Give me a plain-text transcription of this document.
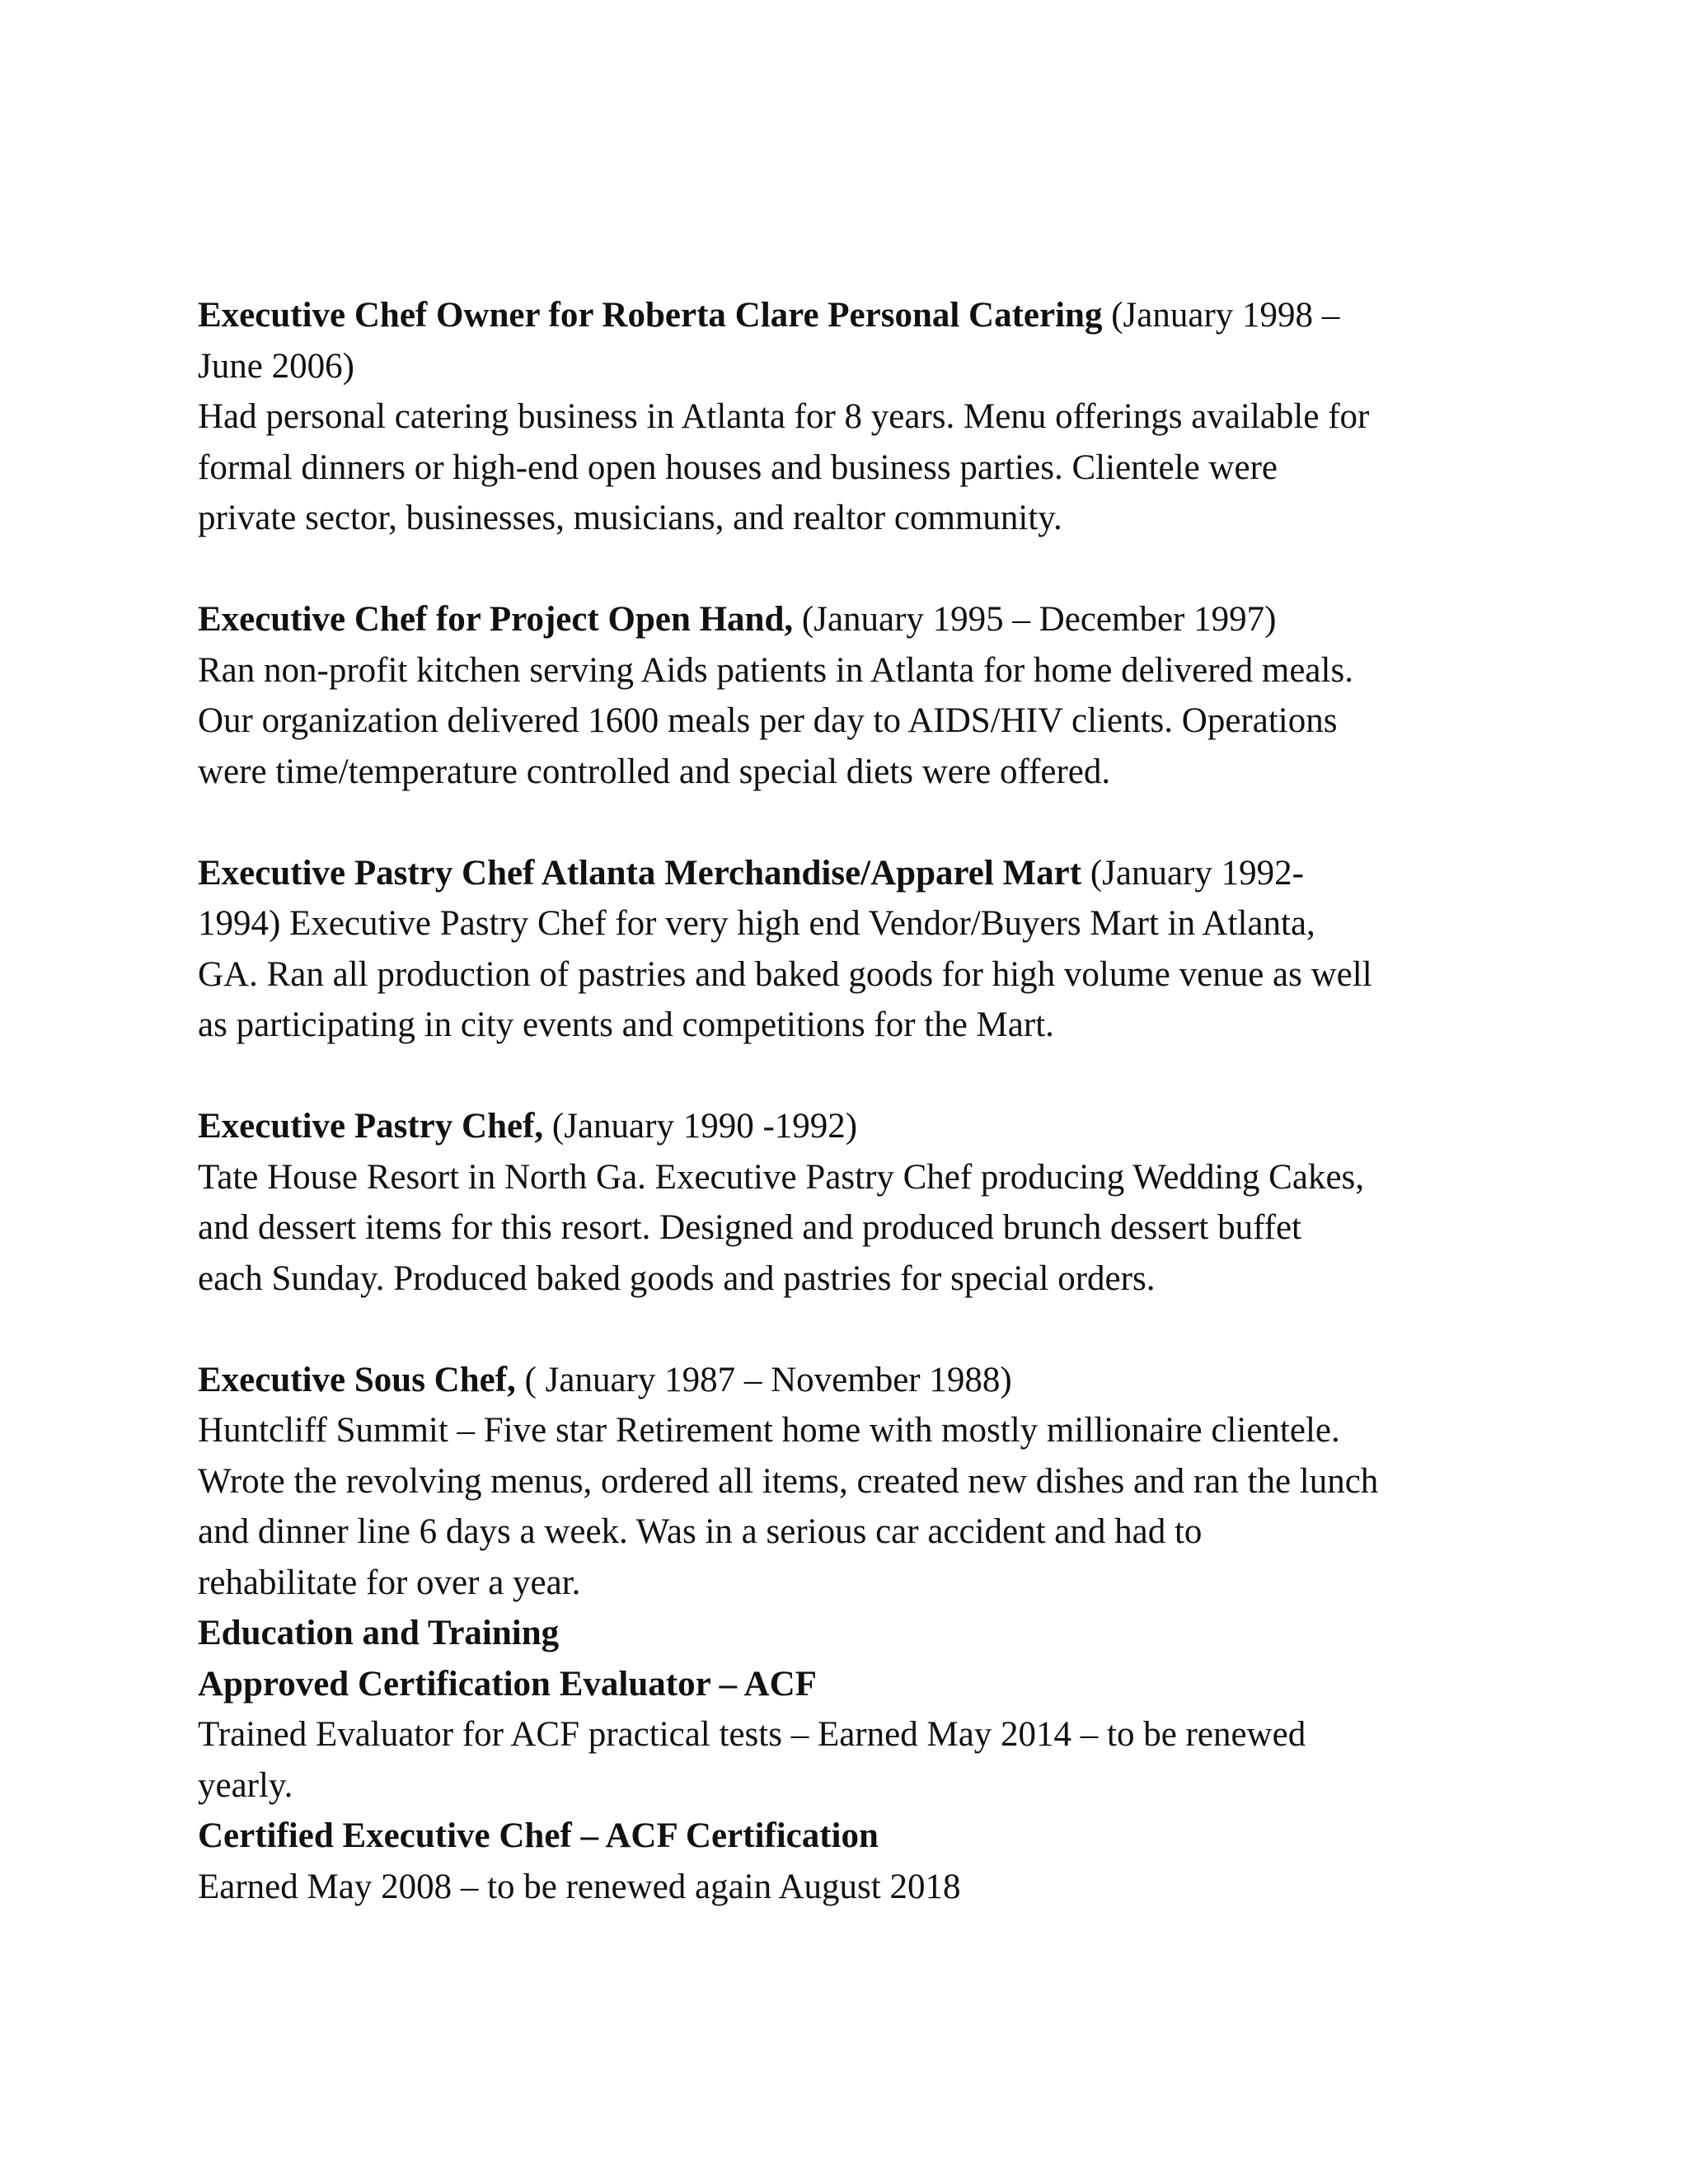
Executive Chef Owner for Roberta Clare Personal Catering (January 1998 –
June 2006)
Had personal catering business in Atlanta for 8 years. Menu offerings available for
formal dinners or high-end open houses and business parties. Clientele were
private sector, businesses, musicians, and realtor community.
Executive Chef for Project Open Hand, (January 1995 – December 1997)
Ran non-profit kitchen serving Aids patients in Atlanta for home delivered meals.
Our organization delivered 1600 meals per day to AIDS/HIV clients. Operations
were time/temperature controlled and special diets were offered.
Executive Pastry Chef Atlanta Merchandise/Apparel Mart (January 1992-
1994) Executive Pastry Chef for very high end Vendor/Buyers Mart in Atlanta,
GA. Ran all production of pastries and baked goods for high volume venue as well
as participating in city events and competitions for the Mart.
Executive Pastry Chef, (January 1990 -1992)
Tate House Resort in North Ga. Executive Pastry Chef producing Wedding Cakes,
and dessert items for this resort. Designed and produced brunch dessert buffet
each Sunday. Produced baked goods and pastries for special orders.
Executive Sous Chef, ( January 1987 – November 1988)
Huntcliff Summit – Five star Retirement home with mostly millionaire clientele.
Wrote the revolving menus, ordered all items, created new dishes and ran the lunch
and dinner line 6 days a week. Was in a serious car accident and had to
rehabilitate for over a year.
Education and Training
Approved Certification Evaluator – ACF
Trained Evaluator for ACF practical tests – Earned May 2014 – to be renewed
yearly.
Certified Executive Chef – ACF Certification
Earned May 2008 – to be renewed again August 2018
